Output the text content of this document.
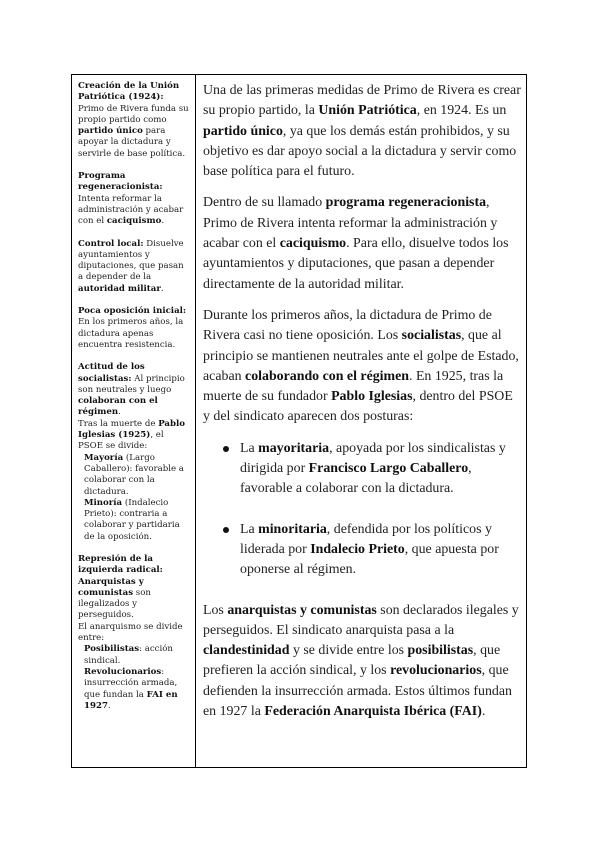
Creación de la Unión Patriótica (1924): Primo de Rivera funda su propio partido como partido único para apoyar la dictadura y servirle de base política.

Programa regeneracionista: Intenta reformar la administración y acabar con el caciquismo.

Control local: Disuelve ayuntamientos y diputaciones, que pasan a depender de la autoridad militar.

Poca oposición inicial: En los primeros años, la dictadura apenas encuentra resistencia.

Actitud de los socialistas: Al principio son neutrales y luego colaboran con el régimen.

Tras la muerte de Pablo Iglesias (1925), el PSOE se divide:

Mayoría (Largo Caballero): favorable a colaborar con la dictadura.

Minoría (Indalecio Prieto): contraria a colaborar y partidaria de la oposición.

Represión de la izquierda radical:

Anarquistas y comunistas son ilegalizados y perseguidos.

El anarquismo se divide entre:

Posibilistas: acción sindical.

Revolucionarios: insurrección armada, que fundan la FAI en 1927.

Una de las primeras medidas de Primo de Rivera es crear su propio partido, la Unión Patriótica, en 1924. Es un partido único, ya que los demás están prohibidos, y su objetivo es dar apoyo social a la dictadura y servir como base política para el futuro.

Dentro de su llamado programa regeneracionista, Primo de Rivera intenta reformar la administración y acabar con el caciquismo. Para ello, disuelve todos los ayuntamientos y diputaciones, que pasan a depender directamente de la autoridad militar.

Durante los primeros años, la dictadura de Primo de Rivera casi no tiene oposición. Los socialistas, que al principio se mantienen neutrales ante el golpe de Estado, acaban colaborando con el régimen. En 1925, tras la muerte de su fundador Pablo Iglesias, dentro del PSOE y del sindicato aparecen dos posturas:

La mayoritaria, apoyada por los sindicalistas y dirigida por Francisco Largo Caballero, favorable a colaborar con la dictadura.
La minoritaria, defendida por los políticos y liderada por Indalecio Prieto, que apuesta por oponerse al régimen.

Los anarquistas y comunistas son declarados ilegales y perseguidos. El sindicato anarquista pasa a la clandestinidad y se divide entre los posibilistas, que prefieren la acción sindical, y los revolucionarios, que defienden la insurrección armada. Estos últimos fundan en 1927 la Federación Anarquista Ibérica (FAI).
